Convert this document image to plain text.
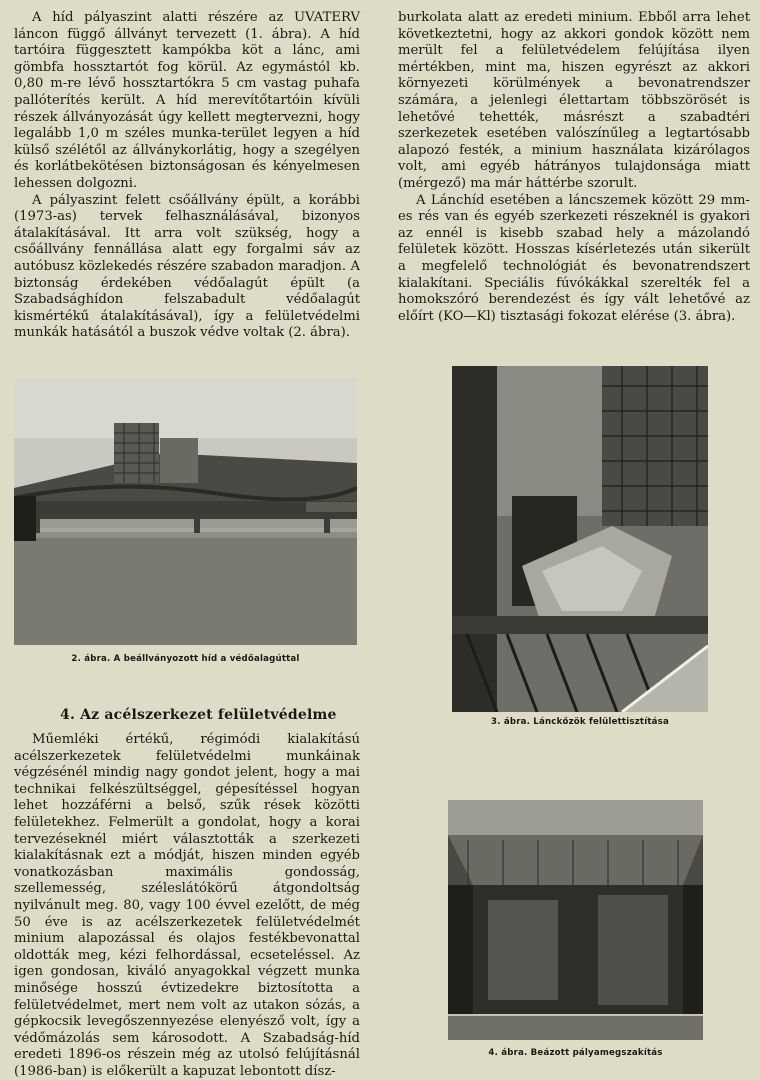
A híd pályaszint alatti részére az UVATERV láncon függő állványt tervezett (1. ábra). A híd tartóira függesztett kampókba köt a lánc, ami gömbfa hossztartót fog körül. Az egymástól kb. 0,80 m-re lévő hossztartókra 5 cm vastag puhafa pallóterítés került. A híd merevítőtartóin kívüli részek állványozását úgy kellett megtervezni, hogy legalább 1,0 m széles munka-terület legyen a híd külső szélétől az állványkorlátig, hogy a szegélyen és korlátbekötésen biztonságosan és kényelmesen lehessen dolgozni.

A pályaszint felett csőállvány épült, a korábbi (1973-as) tervek felhasználásával, bizonyos átalakításával. Itt arra volt szükség, hogy a csőállvány fennállása alatt egy forgalmi sáv az autóbusz közlekedés részére szabadon maradjon. A biztonság érdekében védőalagút épült (a Szabadsághídon felszabadult védőalagút kismértékű átalakításával), így a felületvédelmi munkák hatásától a buszok védve voltak (2. ábra).

2. ábra. A beállványozott híd a védőalagúttal
4. Az acélszerkezet felületvédelme

Műemléki értékű, régimódi kialakítású acélszerkezetek felületvédelmi munkáinak végzésénél mindig nagy gondot jelent, hogy a mai technikai felkészültséggel, gépesítéssel hogyan lehet hozzáférni a belső, szűk rések közötti felületekhez. Felmerült a gondolat, hogy a korai tervezéseknél miért választották a szerkezeti kialakításnak ezt a módját, hiszen minden egyéb vonatkozásban maximális gondosság, szellemesség, széleslátókörű átgondoltság nyilvánult meg. 80, vagy 100 évvel ezelőtt, de még 50 éve is az acélszerkezetek felületvédelmét minium alapozással és olajos festékbevonattal oldották meg, kézi felhordással, ecseteléssel. Az igen gondosan, kiváló anyagokkal végzett munka minősége hosszú évtizedekre biztosította a felületvédelmet, mert nem volt az utakon sózás, a gépkocsik levegőszennyezése elenyésző volt, így a védőmázolás sem károsodott. A Szabadság-híd eredeti 1896-os részein még az utolsó felújításnál (1986-ban) is előkerült a kapuzat lebontott dísz-

burkolata alatt az eredeti minium. Ebből arra lehet következtetni, hogy az akkori gondok között nem merült fel a felületvédelem felújítása ilyen mértékben, mint ma, hiszen egyrészt az akkori környezeti körülmények a bevonatrendszer számára, a jelenlegi élettartam többszörösét is lehetővé tehették, másrészt a szabadtéri szerkezetek esetében valószínűleg a legtartósabb alapozó festék, a minium használata kizárólagos volt, ami egyéb hátrányos tulajdonsága miatt (mérgező) ma már háttérbe szorult.

A Lánchíd esetében a láncszemek között 29 mm-es rés van és egyéb szerkezeti részeknél is gyakori az ennél is kisebb szabad hely a mázolandó felületek között. Hosszas kísérletezés után sikerült a megfelelő technológiát és bevonatrendszert kialakítani. Speciális fúvókákkal szerelték fel a homokszóró berendezést és így vált lehetővé az előírt (KO—Kl) tisztasági fokozat elérése (3. ábra).

3. ábra. Lánckőzök felülettisztítása
4. ábra. Beázott pályamegszakítás
